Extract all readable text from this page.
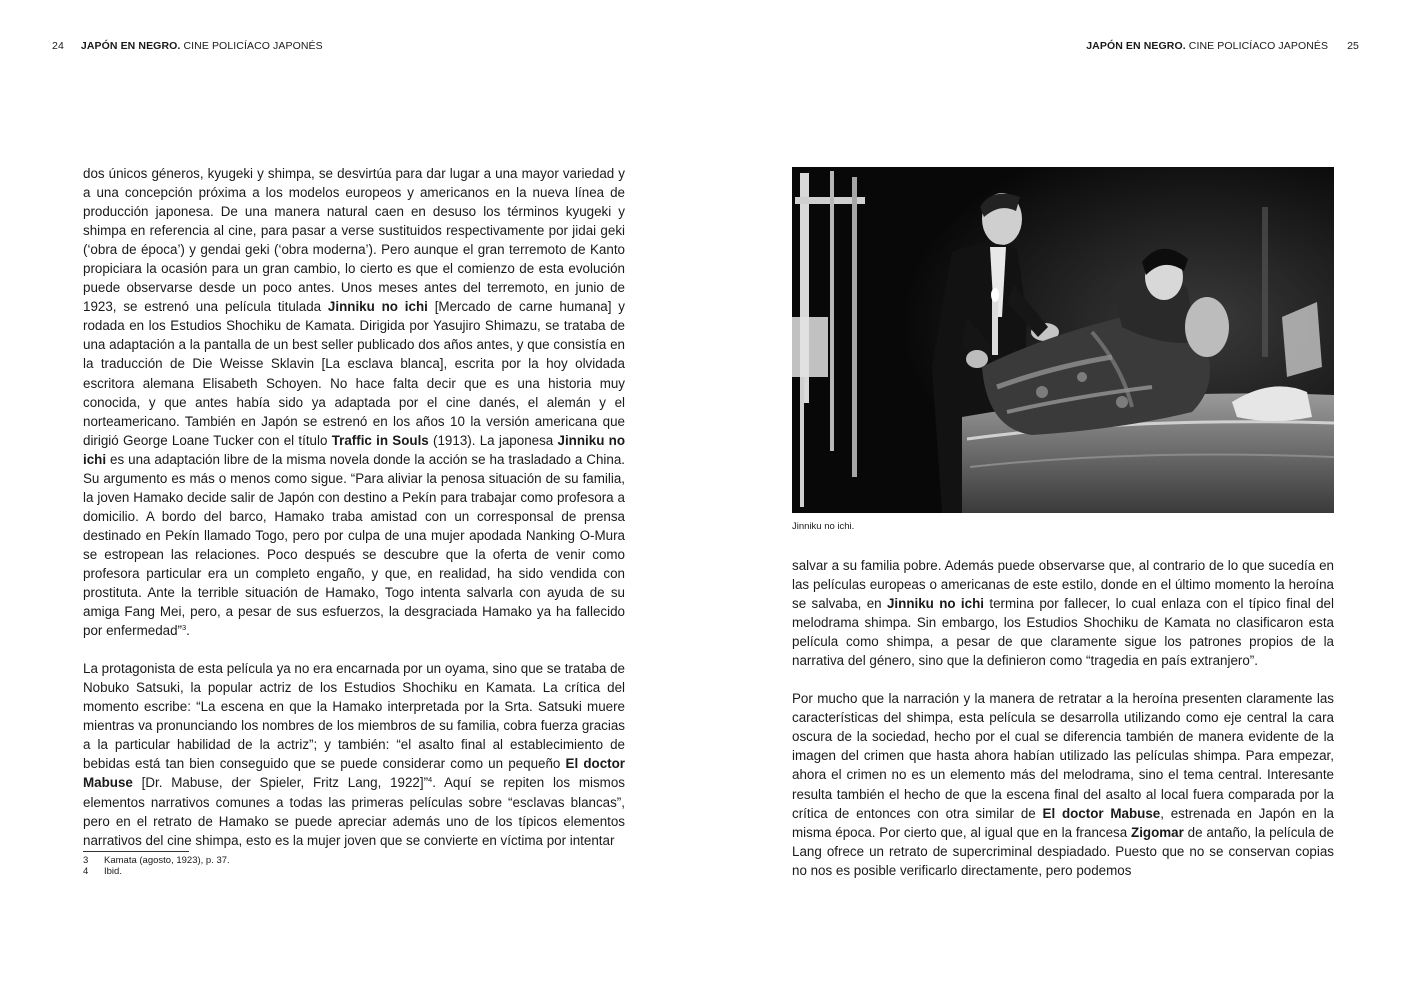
24 JAPÓN EN NEGRO. CINE POLICÍACO JAPONÉS	JAPÓN EN NEGRO. CINE POLICÍACO JAPONÉS 25

dos únicos géneros, kyugeki y shimpa, se desvirtúa para dar lugar a una mayor variedad y a una concepción próxima a los modelos europeos y americanos en la nueva línea de producción japonesa. De una manera natural caen en desuso los términos kyugeki y shimpa en referencia al cine, para pasar a verse sustituidos respectivamente por jidai geki (‘obra de época’) y gendai geki (‘obra moderna’). Pero aunque el gran terremoto de Kanto propiciara la ocasión para un gran cambio, lo cierto es que el comienzo de esta evolución puede observarse desde un poco antes. Unos meses antes del terremoto, en junio de 1923, se estrenó una película titulada Jinniku no ichi [Mercado de carne humana] y rodada en los Estudios Shochiku de Kamata. Dirigida por Yasujiro Shimazu, se trataba de una adaptación a la pantalla de un best seller publicado dos años antes, y que consistía en la traducción de Die Weisse Sklavin [La esclava blanca], escrita por la hoy olvidada escritora alemana Elisabeth Schoyen. No hace falta decir que es una historia muy conocida, y que antes había sido ya adaptada por el cine danés, el alemán y el norteamericano. También en Japón se estrenó en los años 10 la versión americana que dirigió George Loane Tucker con el título Traffic in Souls (1913). La japonesa Jinniku no ichi es una adaptación libre de la misma novela donde la acción se ha trasladado a China. Su argumento es más o menos como sigue. “Para aliviar la penosa situación de su familia, la joven Hamako decide salir de Japón con destino a Pekín para trabajar como profesora a domicilio. A bordo del barco, Hamako traba amistad con un corresponsal de prensa destinado en Pekín llamado Togo, pero por culpa de una mujer apodada Nanking O-Mura se estropean las relaciones. Poco después se descubre que la oferta de venir como profesora particular era un completo engaño, y que, en realidad, ha sido vendida con prostituta. Ante la terrible situación de Hamako, Togo intenta salvarla con ayuda de su amiga Fang Mei, pero, a pesar de sus esfuerzos, la desgraciada Hamako ya ha fallecido por enfermedad”$^3$.

La protagonista de esta película ya no era encarnada por un oyama, sino que se trataba de Nobuko Satsuki, la popular actriz de los Estudios Shochiku en Kamata. La crítica del momento escribe: “La escena en que la Hamako interpretada por la Srta. Satsuki muere mientras va pronunciando los nombres de los miembros de su familia, cobra fuerza gracias a la particular habilidad de la actriz”; y también: “el asalto final al establecimiento de bebidas está tan bien conseguido que se puede considerar como un pequeño El doctor Mabuse [Dr. Mabuse, der Spieler, Fritz Lang, 1922]”$^4$. Aquí se repiten los mismos elementos narrativos comunes a todas las primeras películas sobre “esclavas blancas”, pero en el retrato de Hamako se puede apreciar además uno de los típicos elementos narrativos del cine shimpa, esto es la mujer joven que se convierte en víctima por intentar

3 Kamata (agosto, 1923), p. 37.
4 Ibid.
Jinniku no ichi.

salvar a su familia pobre. Además puede observarse que, al contrario de lo que sucedía en las películas europeas o americanas de este estilo, donde en el último momento la heroína se salvaba, en Jinniku no ichi termina por fallecer, lo cual enlaza con el típico final del melodrama shimpa. Sin embargo, los Estudios Shochiku de Kamata no clasificaron esta película como shimpa, a pesar de que claramente sigue los patrones propios de la narrativa del género, sino que la definieron como “tragedia en país extranjero”.

Por mucho que la narración y la manera de retratar a la heroína presenten claramente las características del shimpa, esta película se desarrolla utilizando como eje central la cara oscura de la sociedad, hecho por el cual se diferencia también de manera evidente de la imagen del crimen que hasta ahora habían utilizado las películas shimpa. Para empezar, ahora el crimen no es un elemento más del melodrama, sino el tema central. Interesante resulta también el hecho de que la escena final del asalto al local fuera comparada por la crítica de entonces con otra similar de El doctor Mabuse, estrenada en Japón en la misma época. Por cierto que, al igual que en la francesa Zigomar de antaño, la película de Lang ofrece un retrato de supercriminal despiadado. Puesto que no se conservan copias no nos es posible verificarlo directamente, pero podemos
